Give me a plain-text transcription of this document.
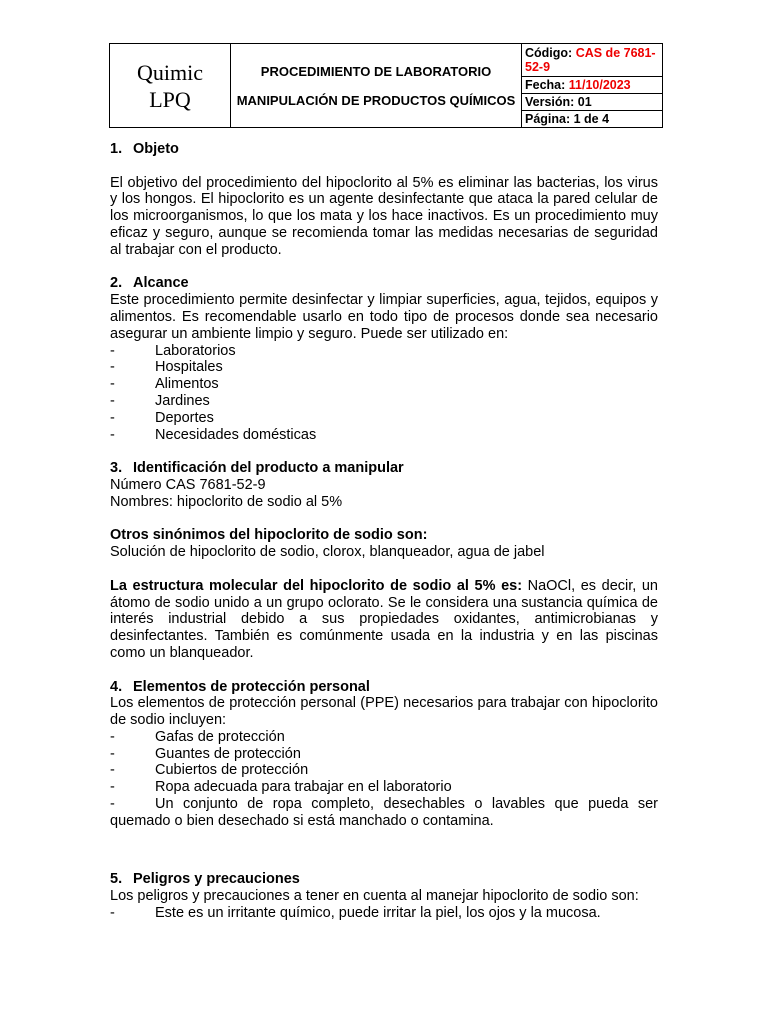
Quimic
LPQ

PROCEDIMIENTO DE LABORATORIO
MANIPULACIÓN DE PRODUCTOS QUÍMICOS
	Código: CAS de 7681-52-9
Fecha: 11/10/2023
Versión: 01
Página: 1 de 4
1. Objeto

El objetivo del procedimiento del hipoclorito al 5% es eliminar las bacterias, los virus y los hongos. El hipoclorito es un agente desinfectante que ataca la pared celular de los microorganismos, lo que los mata y los hace inactivos. Es un procedimiento muy eficaz y seguro, aunque se recomienda tomar las medidas necesarias de seguridad al trabajar con el producto.

2. Alcance

Este procedimiento permite desinfectar y limpiar superficies, agua, tejidos, equipos y alimentos. Es recomendable usarlo en todo tipo de procesos donde sea necesario asegurar un ambiente limpio y seguro. Puede ser utilizado en:

-	Laboratorios
-	Hospitales
-	Alimentos
-	Jardines
-	Deportes
-	Necesidades domésticas
3. Identificación del producto a manipular

Número CAS 7681-52-9

Nombres: hipoclorito de sodio al 5%

Otros sinónimos del hipoclorito de sodio son:

Solución de hipoclorito de sodio, clorox, blanqueador, agua de jabel

La estructura molecular del hipoclorito de sodio al 5% es: NaOCl, es decir, un átomo de sodio unido a un grupo oclorato. Se le considera una sustancia química de interés industrial debido a sus propiedades oxidantes, antimicrobianas y desinfectantes. También es comúnmente usada en la industria y en las piscinas como un blanqueador.

4. Elementos de protección personal

Los elementos de protección personal (PPE) necesarios para trabajar con hipoclorito de sodio incluyen:

-	Gafas de protección
-	Guantes de protección
-	Cubiertos de protección
-	Ropa adecuada para trabajar en el laboratorio
-	Un conjunto de ropa completo, desechables o lavables que pueda ser quemado o bien desechado si está manchado o contamina.
5. Peligros y precauciones

Los peligros y precauciones a tener en cuenta al manejar hipoclorito de sodio son:

-	Este es un irritante químico, puede irritar la piel, los ojos y la mucosa.
